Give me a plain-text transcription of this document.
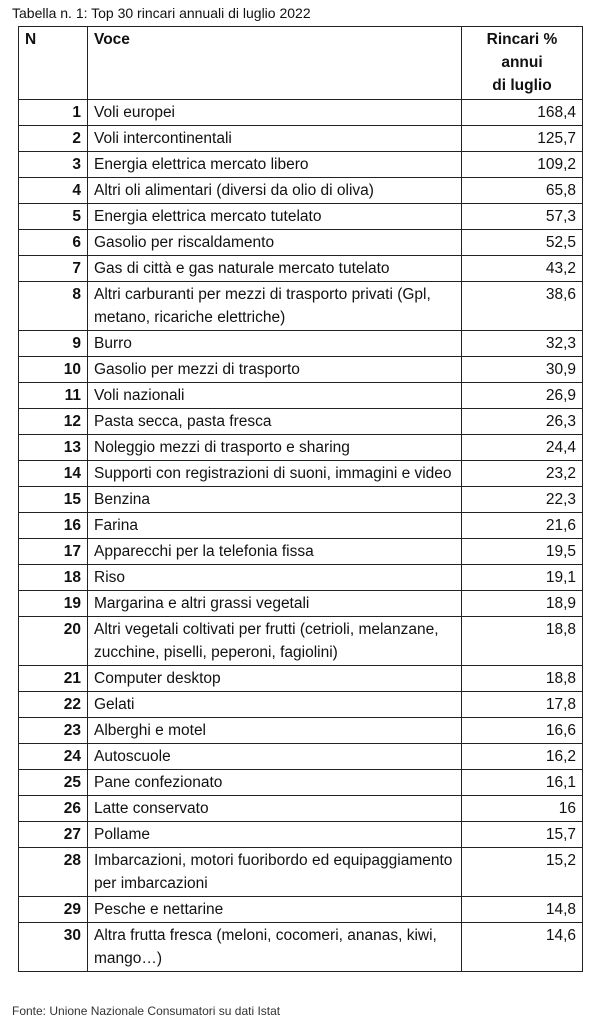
Tabella n. 1: Top 30 rincari annuali di luglio 2022
N	Voce	Rincari %
annui
di luglio

1	Voli europei	168,4
2	Voli intercontinentali	125,7
3	Energia elettrica mercato libero	109,2
4	Altri oli alimentari (diversi da olio di oliva)	65,8
5	Energia elettrica mercato tutelato	57,3
6	Gasolio per riscaldamento	52,5
7	Gas di città e gas naturale mercato tutelato	43,2
8	Altri carburanti per mezzi di trasporto privati (Gpl, metano, ricariche elettriche)	38,6
9	Burro	32,3
10	Gasolio per mezzi di trasporto	30,9
11	Voli nazionali	26,9
12	Pasta secca, pasta fresca	26,3
13	Noleggio mezzi di trasporto e sharing	24,4
14	Supporti con registrazioni di suoni, immagini e video	23,2
15	Benzina	22,3
16	Farina	21,6
17	Apparecchi per la telefonia fissa	19,5
18	Riso	19,1
19	Margarina e altri grassi vegetali	18,9
20	Altri vegetali coltivati per frutti (cetrioli, melanzane, zucchine, piselli, peperoni, fagiolini)	18,8
21	Computer desktop	18,8
22	Gelati	17,8
23	Alberghi e motel	16,6
24	Autoscuole	16,2
25	Pane confezionato	16,1
26	Latte conservato	16
27	Pollame	15,7
28	Imbarcazioni, motori fuoribordo ed equipaggiamento per imbarcazioni	15,2
29	Pesche e nettarine	14,8
30	Altra frutta fresca (meloni, cocomeri, ananas, kiwi, mango…)	14,6
Fonte: Unione Nazionale Consumatori su dati Istat
